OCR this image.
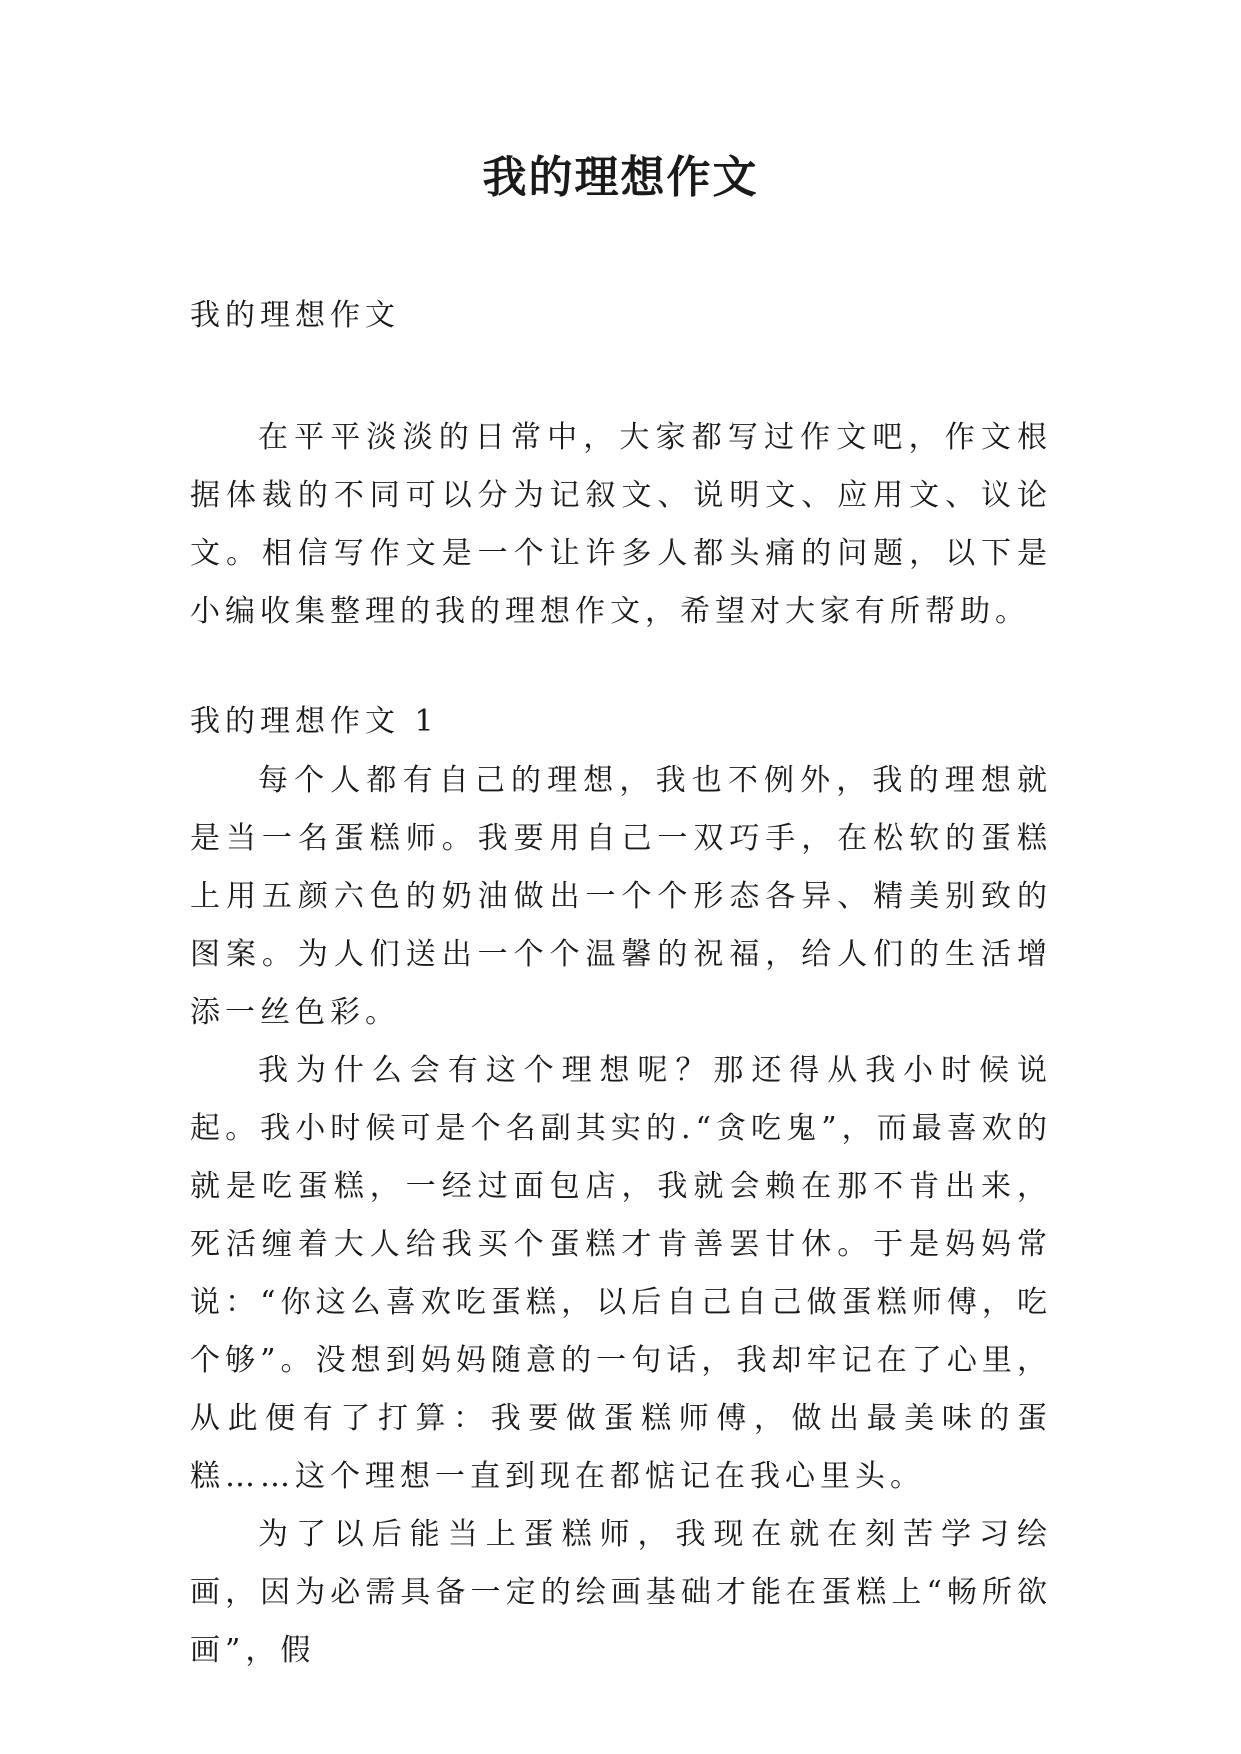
我的理想作文
我的理想作文

在平平淡淡的日常中，大家都写过作文吧，作文根据体裁的不同可以分为记叙文、说明文、应用文、议论文。相信写作文是一个让许多人都头痛的问题，以下是小编收集整理的我的理想作文，希望对大家有所帮助。

我的理想作文 1

每个人都有自己的理想，我也不例外，我的理想就是当一名蛋糕师。我要用自己一双巧手，在松软的蛋糕上用五颜六色的奶油做出一个个形态各异、精美别致的图案。为人们送出一个个温馨的祝福，给人们的生活增添一丝色彩。

我为什么会有这个理想呢？那还得从我小时候说起。我小时候可是个名副其实的.“贪吃鬼”，而最喜欢的就是吃蛋糕，一经过面包店，我就会赖在那不肯出来，死活缠着大人给我买个蛋糕才肯善罢甘休。于是妈妈常说：“你这么喜欢吃蛋糕，以后自己自己做蛋糕师傅，吃个够”。没想到妈妈随意的一句话，我却牢记在了心里，从此便有了打算：我要做蛋糕师傅，做出最美味的蛋糕……这个理想一直到现在都惦记在我心里头。

为了以后能当上蛋糕师，我现在就在刻苦学习绘画，因为必需具备一定的绘画基础才能在蛋糕上“畅所欲画”，假
